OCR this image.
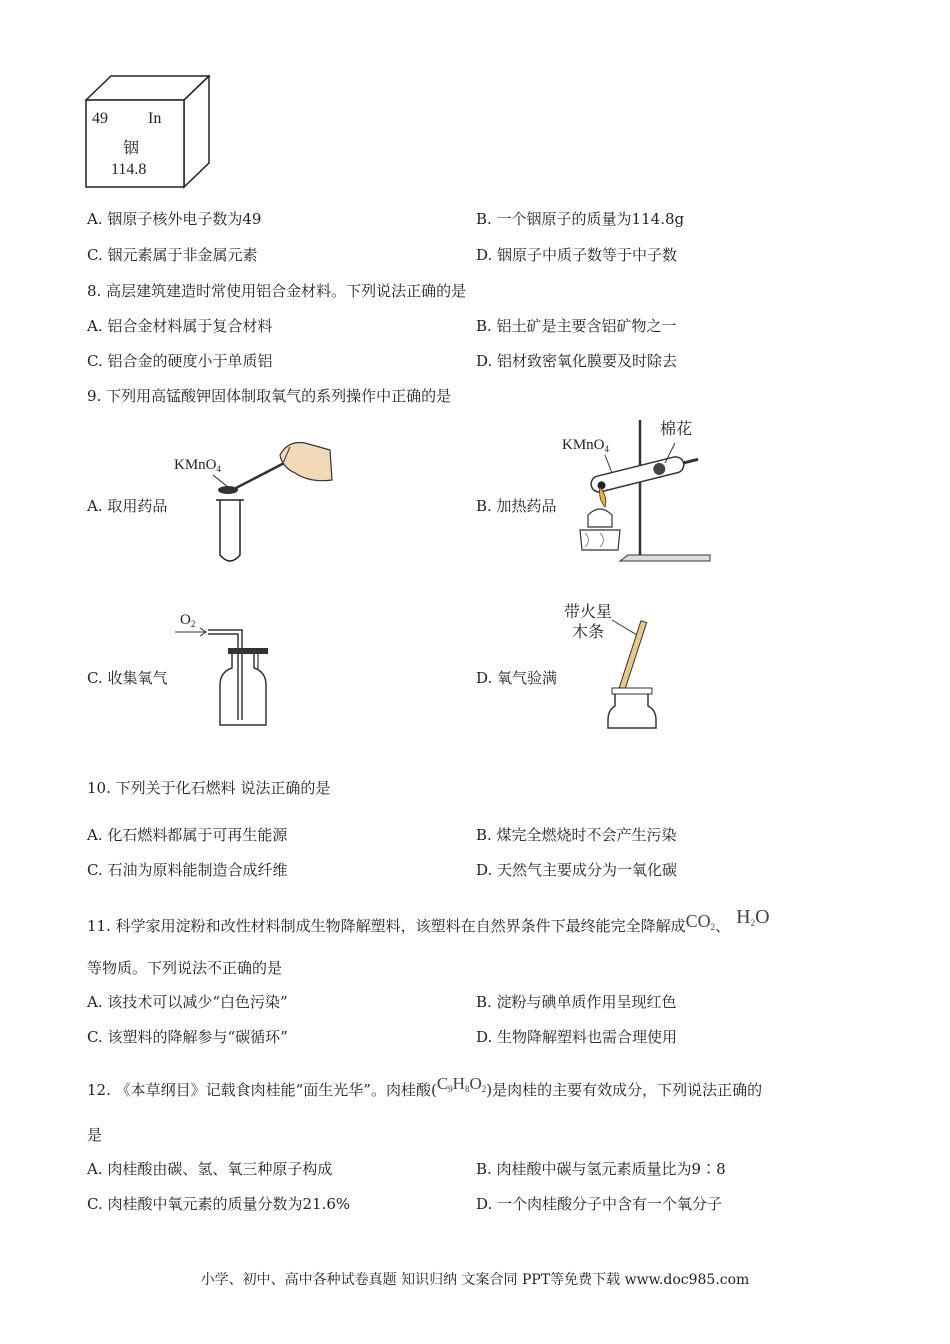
49	In
铟
114.8
A. 铟原子核外电子数为49	B. 一个铟原子的质量为114.8g
C. 铟元素属于非金属元素	D. 铟原子中质子数等于中子数
8. 高层建筑建造时常使用铝合金材料。下列说法正确的是
A. 铝合金材料属于复合材料	B. 铝土矿是主要含铝矿物之一
C. 铝合金的硬度小于单质铝	D. 铝材致密氧化膜要及时除去
9. 下列用高锰酸钾固体制取氧气的系列操作中正确的是
A. 取用药品
KMnO$_4$
B. 加热药品
KMnO$_4$
棉花
C. 收集氧气
$O_2$
D. 氧气验满
带火星
木条
10. 下列关于化石燃料 说法正确的是
A. 化石燃料都属于可再生能源	B. 煤完全燃烧时不会产生污染
C. 石油为原料能制造合成纤维	D. 天然气主要成分为一氧化碳
11. 科学家用淀粉和改性材料制成生物降解塑料，该塑料在自然界条件下最终能完全降解成$CO_2$、 $H_2O$
等物质。下列说法不正确的是
A. 该技术可以减少“白色污染”	B. 淀粉与碘单质作用呈现红色
C. 该塑料的降解参与“碳循环”	D. 生物降解塑料也需合理使用
12. 《本草纲目》记载食肉桂能“面生光华”。肉桂酸$(C_9H_8O_2)$是肉桂的主要有效成分，下列说法正确的
是
A. 肉桂酸由碳、氢、氧三种原子构成	B. 肉桂酸中碳与氢元素质量比为9∶8
C. 肉桂酸中氧元素的质量分数为21.6%	D. 一个肉桂酸分子中含有一个氧分子
小学、初中、高中各种试卷真题 知识归纳 文案合同 PPT等免费下载 www.doc985.com
